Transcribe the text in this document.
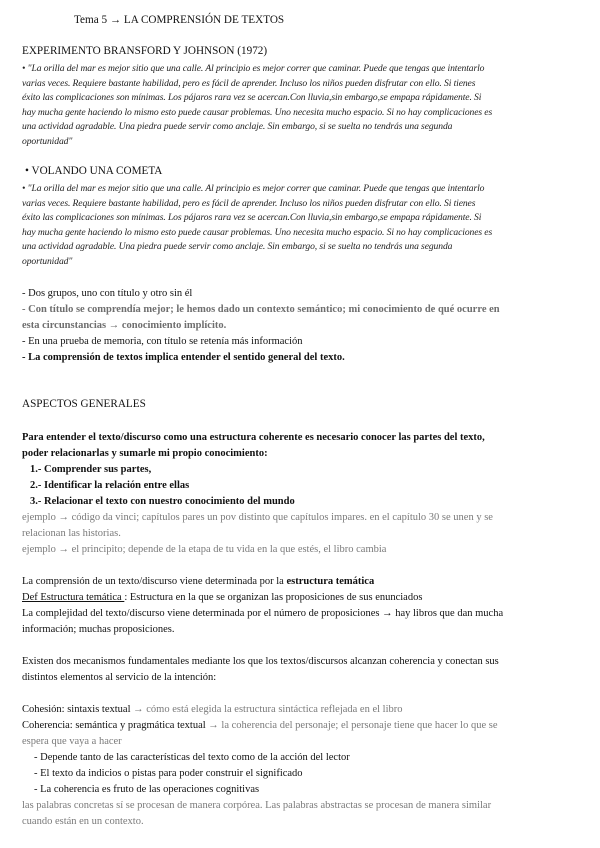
Tema 5 → LA COMPRENSIÓN DE TEXTOS
EXPERIMENTO BRANSFORD Y JOHNSON (1972)
• "La orilla del mar es mejor sitio que una calle. Al principio es mejor correr que caminar. Puede que tengas que intentarlo
varias veces. Requiere bastante habilidad, pero es fácil de aprender. Incluso los niños pueden disfrutar con ello. Si tienes
éxito las complicaciones son mínimas. Los pájaros rara vez se acercan.Con lluvia,sin embargo,se empapa rápidamente. Si
hay mucha gente haciendo lo mismo esto puede causar problemas. Uno necesita mucho espacio. Si no hay complicaciones es
una actividad agradable. Una piedra puede servir como anclaje. Sin embargo, si se suelta no tendrás una segunda
oportunidad"
• VOLANDO UNA COMETA
• "La orilla del mar es mejor sitio que una calle. Al principio es mejor correr que caminar. Puede que tengas que intentarlo
varias veces. Requiere bastante habilidad, pero es fácil de aprender. Incluso los niños pueden disfrutar con ello. Si tienes
éxito las complicaciones son mínimas. Los pájaros rara vez se acercan.Con lluvia,sin embargo,se empapa rápidamente. Si
hay mucha gente haciendo lo mismo esto puede causar problemas. Uno necesita mucho espacio. Si no hay complicaciones es
una actividad agradable. Una piedra puede servir como anclaje. Sin embargo, si se suelta no tendrás una segunda
oportunidad"
- Dos grupos, uno con título y otro sin él
- Con título se comprendía mejor; le hemos dado un contexto semántico; mi conocimiento de qué ocurre en
esta circunstancias → conocimiento implícito.
- En una prueba de memoria, con título se retenía más información
- La comprensión de textos implica entender el sentido general del texto.
ASPECTOS GENERALES
Para entender el texto/discurso como una estructura coherente es necesario conocer las partes del texto,
poder relacionarlas y sumarle mi propio conocimiento:
1.- Comprender sus partes,
2.- Identificar la relación entre ellas
3.- Relacionar el texto con nuestro conocimiento del mundo
ejemplo → código da vinci; capítulos pares un pov distinto que capítulos impares. en el capítulo 30 se unen y se
relacionan las historias.
ejemplo → el principito; depende de la etapa de tu vida en la que estés, el libro cambia
La comprensión de un texto/discurso viene determinada por la estructura temática
Def Estructura temática : Estructura en la que se organizan las proposiciones de sus enunciados
La complejidad del texto/discurso viene determinada por el número de proposiciones → hay libros que dan mucha
información; muchas proposiciones.
Existen dos mecanismos fundamentales mediante los que los textos/discursos alcanzan coherencia y conectan sus
distintos elementos al servicio de la intención:
Cohesión: sintaxis textual → cómo está elegida la estructura sintáctica reflejada en el libro
Coherencia: semántica y pragmática textual → la coherencia del personaje; el personaje tiene que hacer lo que se
espera que vaya a hacer
- Depende tanto de las características del texto como de la acción del lector
- El texto da indicios o pistas para poder construir el significado
- La coherencia es fruto de las operaciones cognitivas
las palabras concretas sí se procesan de manera corpórea. Las palabras abstractas se procesan de manera similar
cuando están en un contexto.
